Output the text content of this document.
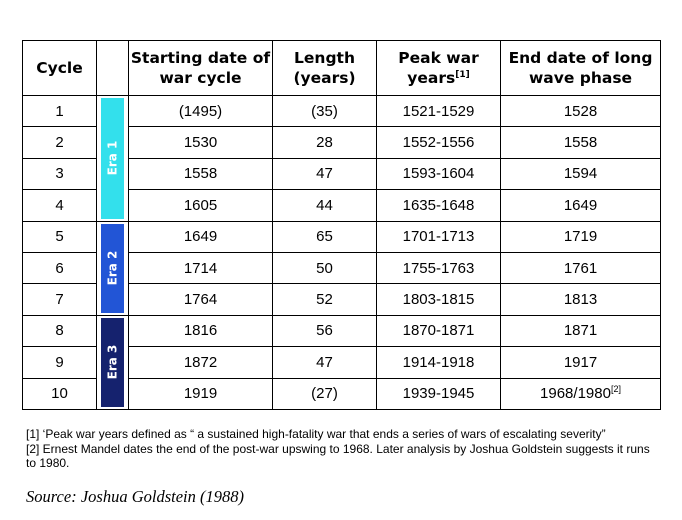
Cycle		Starting date of war cycle	Length (years)	Peak war years[1]	End date of long wave phase
1	Era 1	(1495)	(35)	1521-1529	1528
2		1530	28	1552-1556	1558
3		1558	47	1593-1604	1594
4		1605	44	1635-1648	1649
5	Era 2	1649	65	1701-1713	1719
6		1714	50	1755-1763	1761
7		1764	52	1803-1815	1813
8	Era 3	1816	56	1870-1871	1871
9		1872	47	1914-1918	1917
10		1919	(27)	1939-1945	1968/1980[2]
[1] ‘Peak war years defined as “ a sustained high-fatality war that ends a series of wars of escalating severity”
[2] Ernest Mandel dates the end of the post-war upswing to 1968. Later analysis by Joshua Goldstein suggests it runs to 1980.
Source: Joshua Goldstein (1988)
